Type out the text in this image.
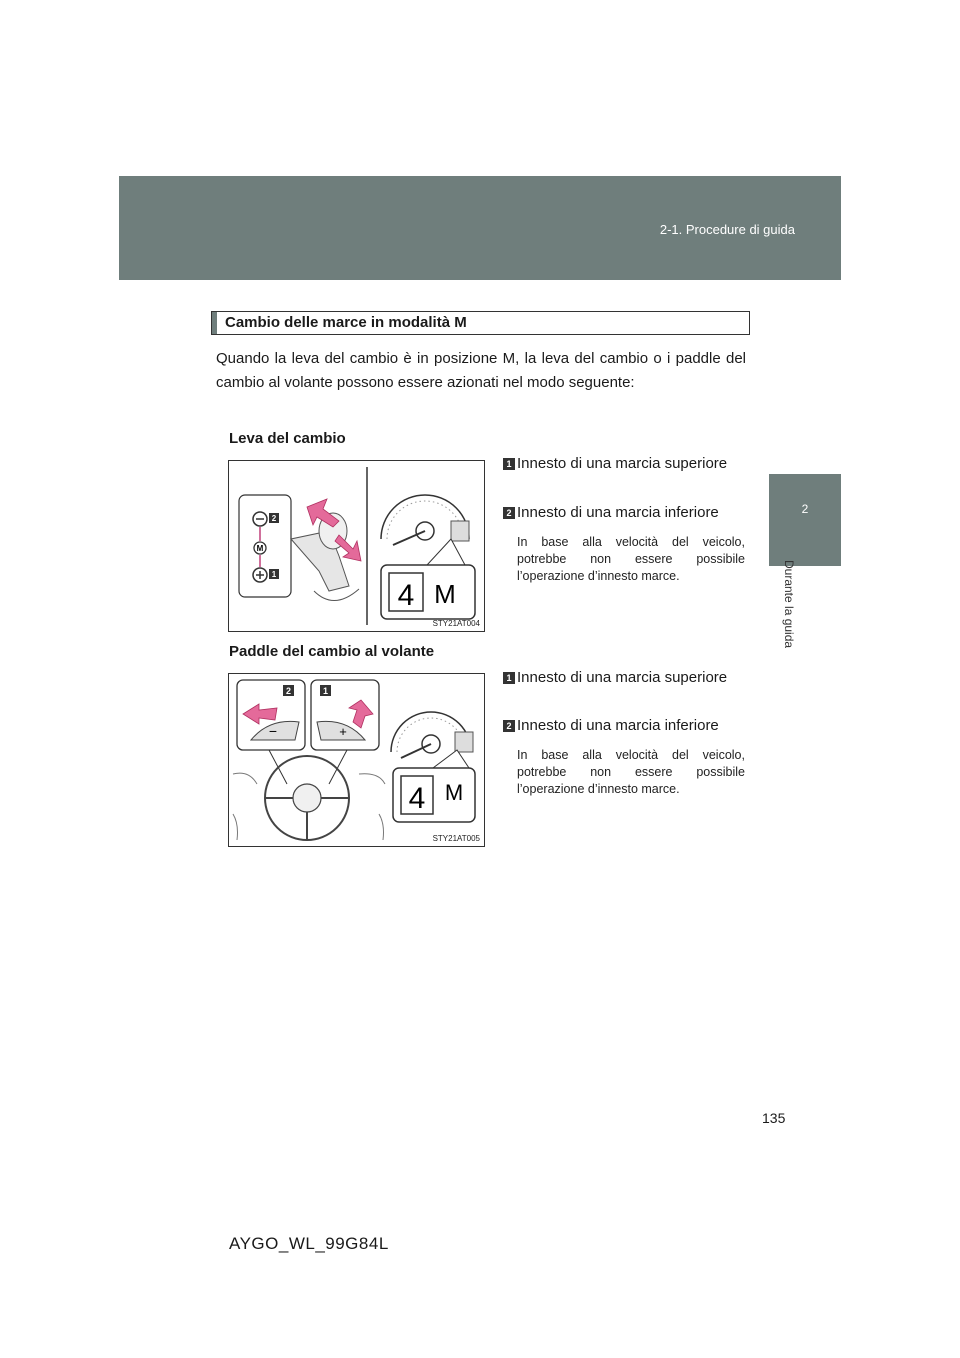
2-1. Procedure di guida
2
Durante la guida
Cambio delle marce in modalità M
Quando la leva del cambio è in posizione M, la leva del cambio o i paddle del cambio al volante possono essere azionati nel modo seguente:
Leva del cambio
M
2
1
4 M
STY21AT004
1 Innesto di una marcia superiore
2 Innesto di una marcia inferiore
In base alla velocità del veicolo, potrebbe non essere possibile l’operazione d’innesto marce.
Paddle del cambio al volante
2	1
−	+
4 M
STY21AT005
1 Innesto di una marcia superiore
2 Innesto di una marcia inferiore
In base alla velocità del veicolo, potrebbe non essere possibile l’operazione d’innesto marce.
135
AYGO_WL_99G84L
